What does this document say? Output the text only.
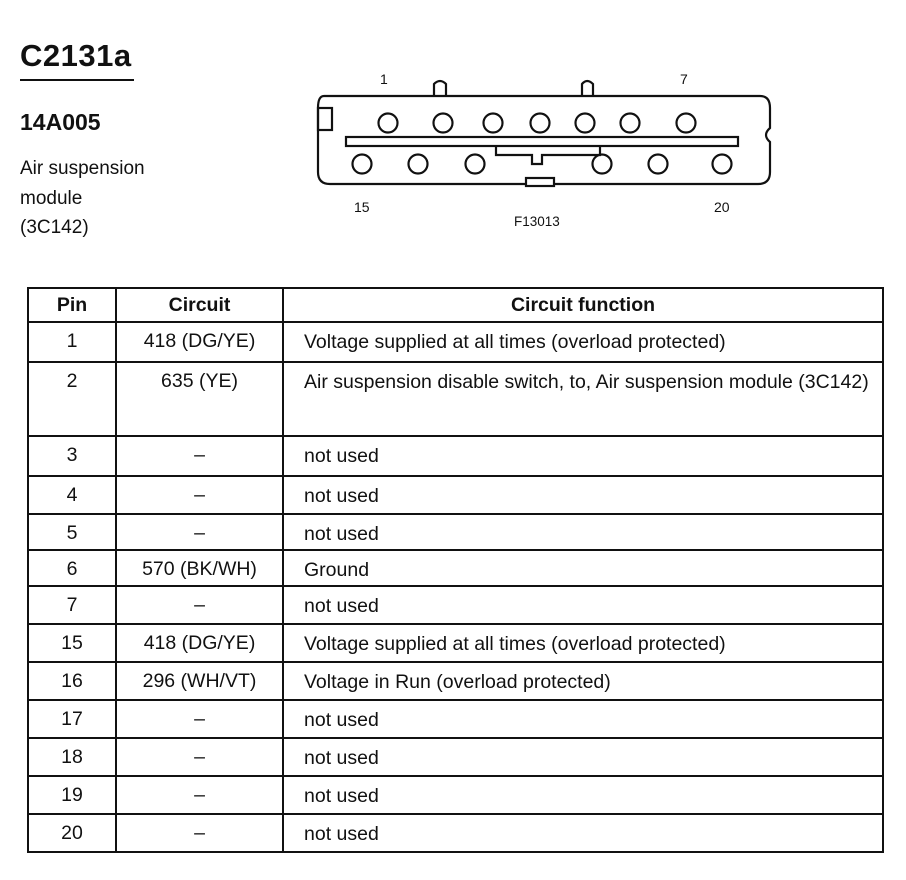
C2131a
14A005
Air suspension
module
(3C142)
1	7
15	20
F13013
Pin	Circuit	Circuit function
1	418 (DG/YE)	Voltage supplied at all times (overload protected)
2	635 (YE)	Air suspension disable switch, to, Air suspension module (3C142)
3	–	not used
4	–	not used
5	–	not used
6	570 (BK/WH)	Ground
7	–	not used
15	418 (DG/YE)	Voltage supplied at all times (overload protected)
16	296 (WH/VT)	Voltage in Run (overload protected)
17	–	not used
18	–	not used
19	–	not used
20	–	not used
